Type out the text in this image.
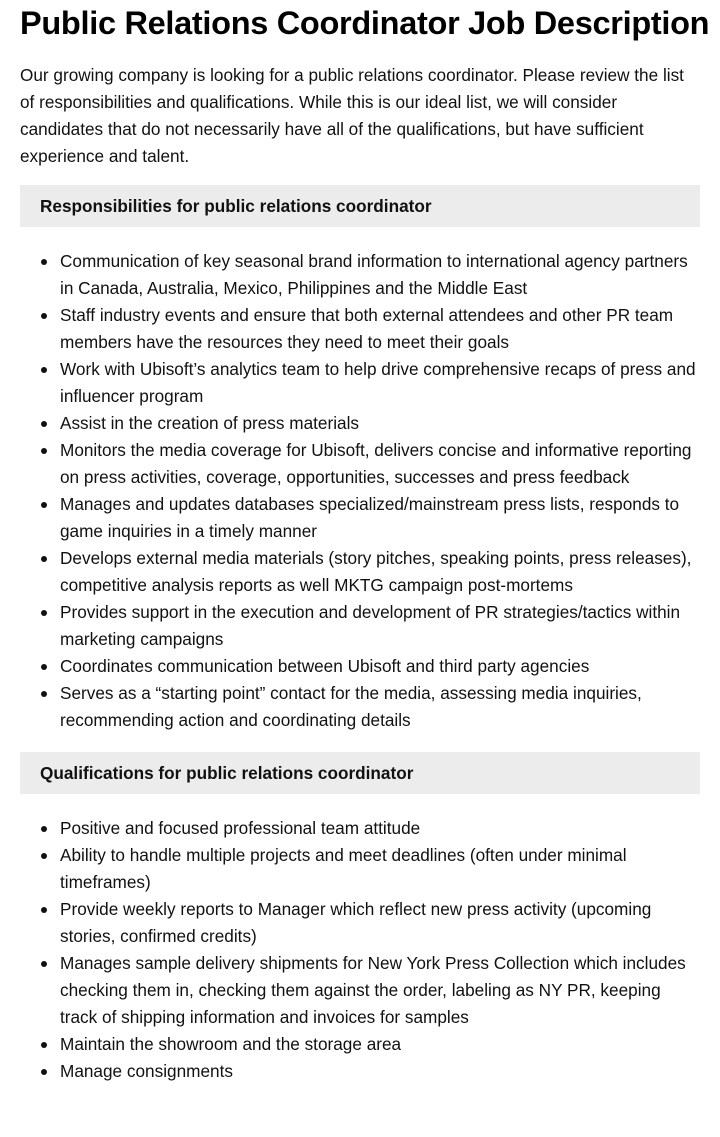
Public Relations Coordinator Job Description

Our growing company is looking for a public relations coordinator. Please review the list of responsibilities and qualifications. While this is our ideal list, we will consider candidates that do not necessarily have all of the qualifications, but have sufficient experience and talent.

Responsibilities for public relations coordinator
Communication of key seasonal brand information to international agency partners in Canada, Australia, Mexico, Philippines and the Middle East
Staff industry events and ensure that both external attendees and other PR team members have the resources they need to meet their goals
Work with Ubisoft’s analytics team to help drive comprehensive recaps of press and influencer program
Assist in the creation of press materials
Monitors the media coverage for Ubisoft, delivers concise and informative reporting on press activities, coverage, opportunities, successes and press feedback
Manages and updates databases specialized/mainstream press lists, responds to game inquiries in a timely manner
Develops external media materials (story pitches, speaking points, press releases), competitive analysis reports as well MKTG campaign post-mortems
Provides support in the execution and development of PR strategies/tactics within marketing campaigns
Coordinates communication between Ubisoft and third party agencies
Serves as a “starting point” contact for the media, assessing media inquiries, recommending action and coordinating details
Qualifications for public relations coordinator
Positive and focused professional team attitude
Ability to handle multiple projects and meet deadlines (often under minimal timeframes)
Provide weekly reports to Manager which reflect new press activity (upcoming stories, confirmed credits)
Manages sample delivery shipments for New York Press Collection which includes checking them in, checking them against the order, labeling as NY PR, keeping track of shipping information and invoices for samples
Maintain the showroom and the storage area
Manage consignments
